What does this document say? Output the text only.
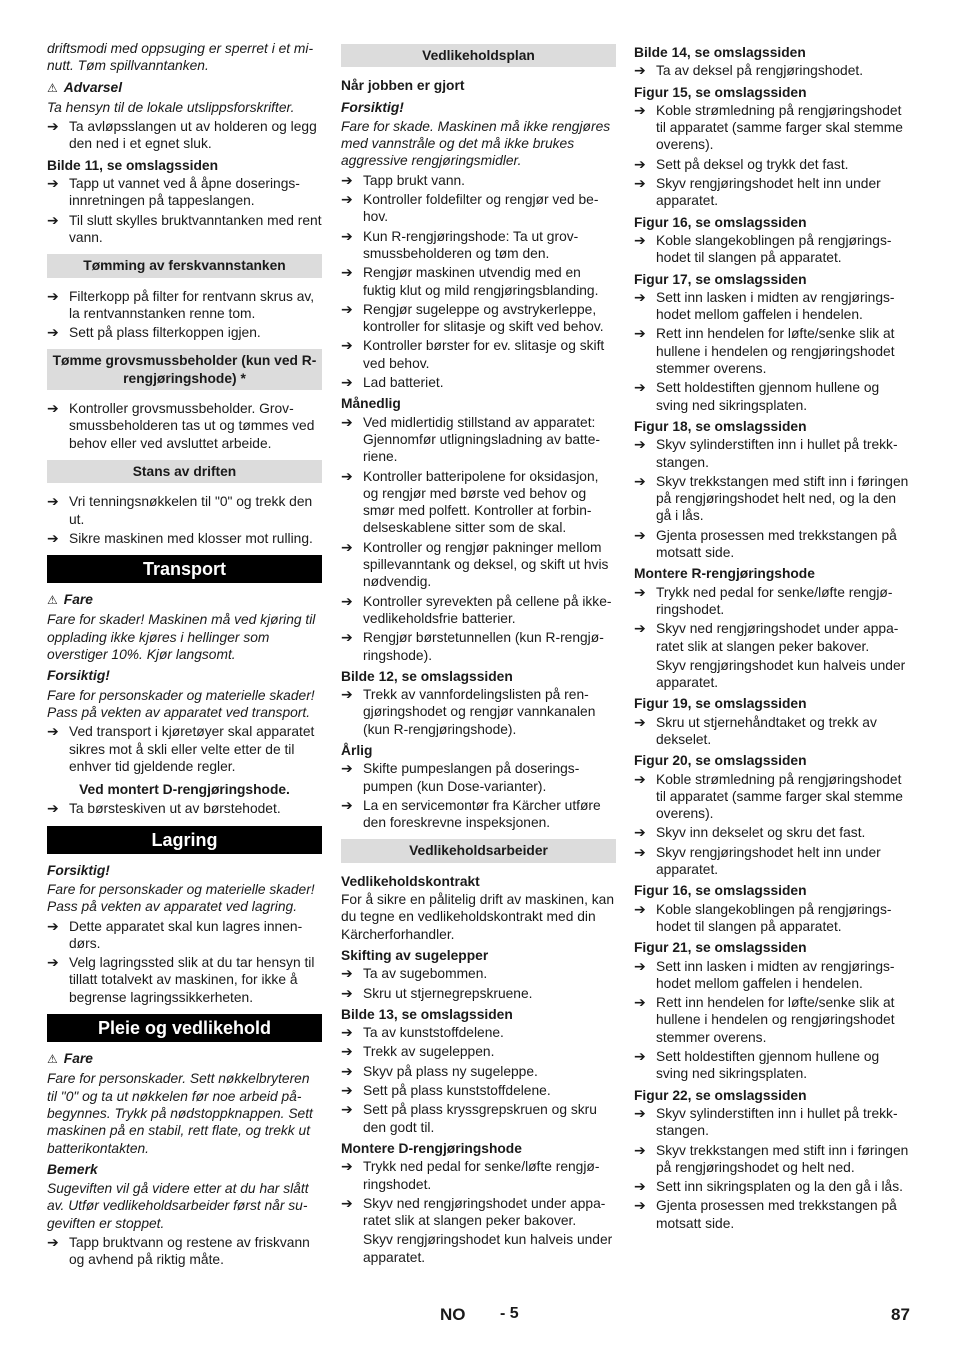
driftsmodi med oppsuging er sperret i et minutt. Tøm spillvanntanken.
⚠ Advarsel
Ta hensyn til de lokale utslippsforskrifter.
➔ Ta avløpsslangen ut av holderen og legg den ned i et egnet sluk.
Bilde 11, se omslagssiden
➔ Tapp ut vannet ved å åpne doseringsinnretningen på tappeslangen.
➔ Til slutt skylles bruktvanntanken med rent vann.
Tømming av ferskvannstanken
➔ Filterkopp på filter for rentvann skrus av, la rentvannstanken renne tom.
➔ Sett på plass filterkoppen igjen.
Tømme grovsmussbeholder (kun ved R-rengjøringshode) *
➔ Kontroller grovsmussbeholder. Grovsmussbeholderen tas ut og tømmes ved behov eller ved avsluttet arbeide.
Stans av driften
➔ Vri tenningsnøkkelen til "0" og trekk den ut.
➔ Sikre maskinen med klosser mot rulling.
Transport
⚠ Fare
Fare for skader! Maskinen må ved kjøring til opplading ikke kjøres i hellinger som overstiger 10%. Kjør langsomt.
Forsiktig!
Fare for personskader og materielle skader! Pass på vekten av apparatet ved transport.
➔ Ved transport i kjøretøyer skal apparatet sikres mot å skli eller velte etter de til enhver tid gjeldende regler.
Ved montert D-rengjøringshode.
➔ Ta børsteskiven ut av børstehodet.
Lagring
Forsiktig!
Fare for personskader og materielle skader! Pass på vekten av apparatet ved lagring.
➔ Dette apparatet skal kun lagres innendørs.
➔ Velg lagringssted slik at du tar hensyn til tillatt totalvekt av maskinen, for ikke å begrense lagringssikkerheten.
Pleie og vedlikehold
⚠ Fare
Fare for personskader. Sett nøkkelbryteren til "0" og ta ut nøkkelen før noe arbeid påbegynnes. Trykk på nødstoppknappen. Sett maskinen på en stabil, rett flate, og trekk ut batterikontakten.
Bemerk
Sugeviften vil gå videre etter at du har slått av. Utfør vedlikeholdsarbeider først når sugeviften er stoppet.
➔ Tapp bruktvann og restene av friskvann og avhend på riktig måte.
Vedlikeholdsplan
Når jobben er gjort
Forsiktig!
Fare for skade. Maskinen må ikke rengjøres med vannstråle og det må ikke brukes aggressive rengjøringsmidler.
➔ Tapp brukt vann.
➔ Kontroller foldefilter og rengjør ved behov.
➔ Kun R-rengjøringshode: Ta ut grovsmussbeholderen og tøm den.
➔ Rengjør maskinen utvendig med en fuktig klut og mild rengjøringsblanding.
➔ Rengjør sugeleppe og avstrykerleppe, kontroller for slitasje og skift ved behov.
➔ Kontroller børster for ev. slitasje og skift ved behov.
➔ Lad batteriet.
Månedlig
➔ Ved midlertidig stillstand av apparatet: Gjennomfør utligningsladning av batteriene.
➔ Kontroller batteripolene for oksidasjon, og rengjør med børste ved behov og smør med polfett. Kontroller at forbindelseskablene sitter som de skal.
➔ Kontroller og rengjør pakninger mellom spillevanntank og deksel, og skift ut hvis nødvendig.
➔ Kontroller syrevekten på cellene på ikke-vedlikeholdsfrie batterier.
➔ Rengjør børstetunnellen (kun R-rengjøringshode).
Bilde 12, se omslagssiden
➔ Trekk av vannfordelingslisten på rengjøringshodet og rengjør vannkanalen (kun R-rengjøringshode).
Årlig
➔ Skifte pumpeslangen på doseringspumpen (kun Dose-varianter).
➔ La en servicemontør fra Kärcher utføre den foreskrevne inspeksjonen.
Vedlikeholdsarbeider
Vedlikeholdskontrakt
For å sikre en pålitelig drift av maskinen, kan du tegne en vedlikeholdskontrakt med din Kärcherforhandler.
Skifting av sugelepper
➔ Ta av sugebommen.
➔ Skru ut stjernegrepskruene.
Bilde 13, se omslagssiden
➔ Ta av kunststoffdelene.
➔ Trekk av sugeleppen.
➔ Skyv på plass ny sugeleppe.
➔ Sett på plass kunststoffdelene.
➔ Sett på plass kryssgrepskruen og skru den godt til.
Montere D-rengjøringshode
➔ Trykk ned pedal for senke/løfte rengjøringshodet.
➔ Skyv ned rengjøringshodet under apparatet slik at slangen peker bakover.
Skyv rengjøringshodet kun halveis under apparatet.
Bilde 14, se omslagssiden
➔ Ta av deksel på rengjøringshodet.
Figur 15, se omslagssiden
➔ Koble strømledning på rengjøringshodet til apparatet (samme farger skal stemme overens).
➔ Sett på deksel og trykk det fast.
➔ Skyv rengjøringshodet helt inn under apparatet.
Figur 16, se omslagssiden
➔ Koble slangekoblingen på rengjøringshodet til slangen på apparatet.
Figur 17, se omslagssiden
➔ Sett inn lasken i midten av rengjøringshodet mellom gaffelen i hendelen.
➔ Rett inn hendelen for løfte/senke slik at hullene i hendelen og rengjøringshodet stemmer overens.
➔ Sett holdestiften gjennom hullene og sving ned sikringsplaten.
Figur 18, se omslagssiden
➔ Skyv sylinderstiften inn i hullet på trekkstangen.
➔ Skyv trekkstangen med stift inn i føringen på rengjøringshodet helt ned, og la den gå i lås.
➔ Gjenta prosessen med trekkstangen på motsatt side.
Montere R-rengjøringshode
➔ Trykk ned pedal for senke/løfte rengjøringshodet.
➔ Skyv ned rengjøringshodet under apparatet slik at slangen peker bakover.
Skyv rengjøringshodet kun halveis under apparatet.
Figur 19, se omslagssiden
➔ Skru ut stjernehåndtaket og trekk av dekselet.
Figur 20, se omslagssiden
➔ Koble strømledning på rengjøringshodet til apparatet (samme farger skal stemme overens).
➔ Skyv inn dekselet og skru det fast.
➔ Skyv rengjøringshodet helt inn under apparatet.
Figur 16, se omslagssiden
➔ Koble slangekoblingen på rengjøringshodet til slangen på apparatet.
Figur 21, se omslagssiden
➔ Sett inn lasken i midten av rengjøringshodet mellom gaffelen i hendelen.
➔ Rett inn hendelen for løfte/senke slik at hullene i hendelen og rengjøringshodet stemmer overens.
➔ Sett holdestiften gjennom hullene og sving ned sikringsplaten.
Figur 22, se omslagssiden
➔ Skyv sylinderstiften inn i hullet på trekkstangen.
➔ Skyv trekkstangen med stift inn i føringen på rengjøringshodet og helt ned.
➔ Sett inn sikringsplaten og la den gå i lås.
➔ Gjenta prosessen med trekkstangen på motsatt side.
NO - 5	87
